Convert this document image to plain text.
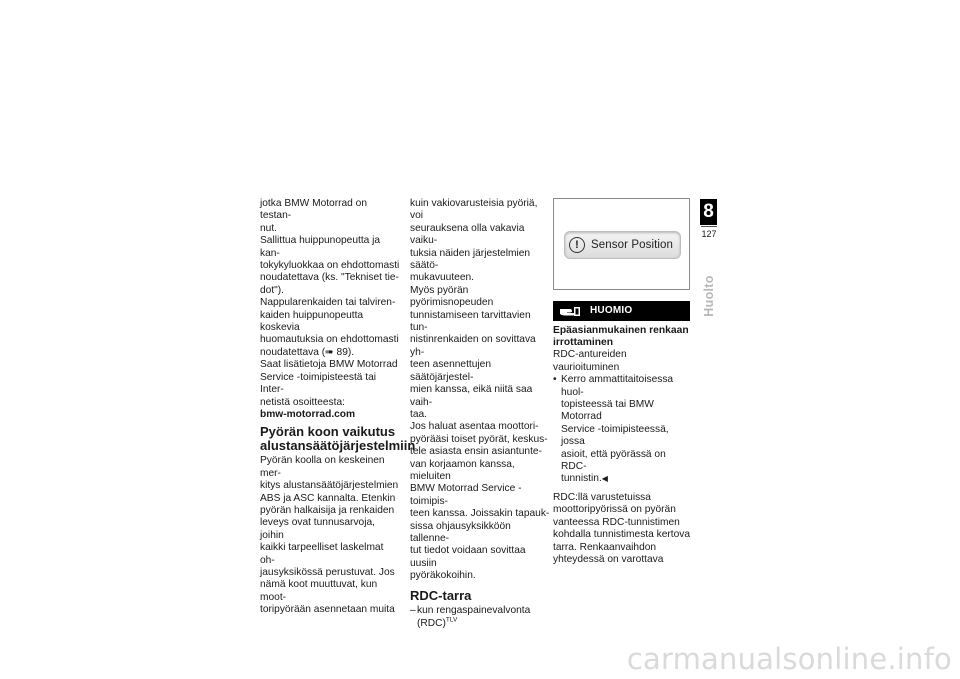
jotka BMW Motorrad on testan-
nut.

Sallittua huippunopeutta ja kan-
tokykyluokkaa on ehdottomasti
noudatettava (ks. "Tekniset tie-
dot").

Nappularenkaiden tai talviren-
kaiden huippunopeutta koskevia
huomautuksia on ehdottomasti
noudatettava (➠ 89).

Saat lisätietoja BMW Motorrad
Service -toimipisteestä tai Inter-
netistä osoitteesta:

bmw-motorrad.com

Pyörän koon vaikutus
alustansäätöjärjestelmiin

Pyörän koolla on keskeinen mer-
kitys alustansäätöjärjestelmien
ABS ja ASC kannalta. Etenkin
pyörän halkaisija ja renkaiden
leveys ovat tunnusarvoja, joihin
kaikki tarpeelliset laskelmat oh-
jausyksikössä perustuvat. Jos
nämä koot muuttuvat, kun moot-
toripyörään asennetaan muita

kuin vakiovarusteisia pyöriä, voi
seurauksena olla vakavia vaiku-
tuksia näiden järjestelmien säätö-
mukavuuteen.

Myös pyörän pyörimisnopeuden
tunnistamiseen tarvittavien tun-
nistinrenkaiden on sovittava yh-
teen asennettujen säätöjärjestel-
mien kanssa, eikä niitä saa vaih-
taa.

Jos haluat asentaa moottori-
pyörääsi toiset pyörät, keskus-
tele asiasta ensin asiantunte-
van korjaamon kanssa, mieluiten
BMW Motorrad Service -toimipis-
teen kanssa. Joissakin tapauk-
sissa ohjausyksikköön tallenne-
tut tiedot voidaan sovittaa uusiin
pyöräkokoihin.

RDC-tarra
– kun rengaspainevalvonta
(RDC)$^{TLV}$
!	Sensor Position
HUOMIO
Epäasianmukainen renkaan
irrottaminen

RDC-antureiden vaurioituminen

• Kerro ammattitaitoisessa huol-
topisteessä tai BMW Motorrad
Service -toimipisteessä, jossa
asioit, että pyörässä on RDC-
tunnistin.◀

RDC:llä varustetuissa
moottoripyörissä on pyörän
vanteessa RDC-tunnistimen
kohdalla tunnistimesta kertova
tarra. Renkaanvaihdon
yhteydessä on varottava

8
127
Huolto
carmanualsonline.info
